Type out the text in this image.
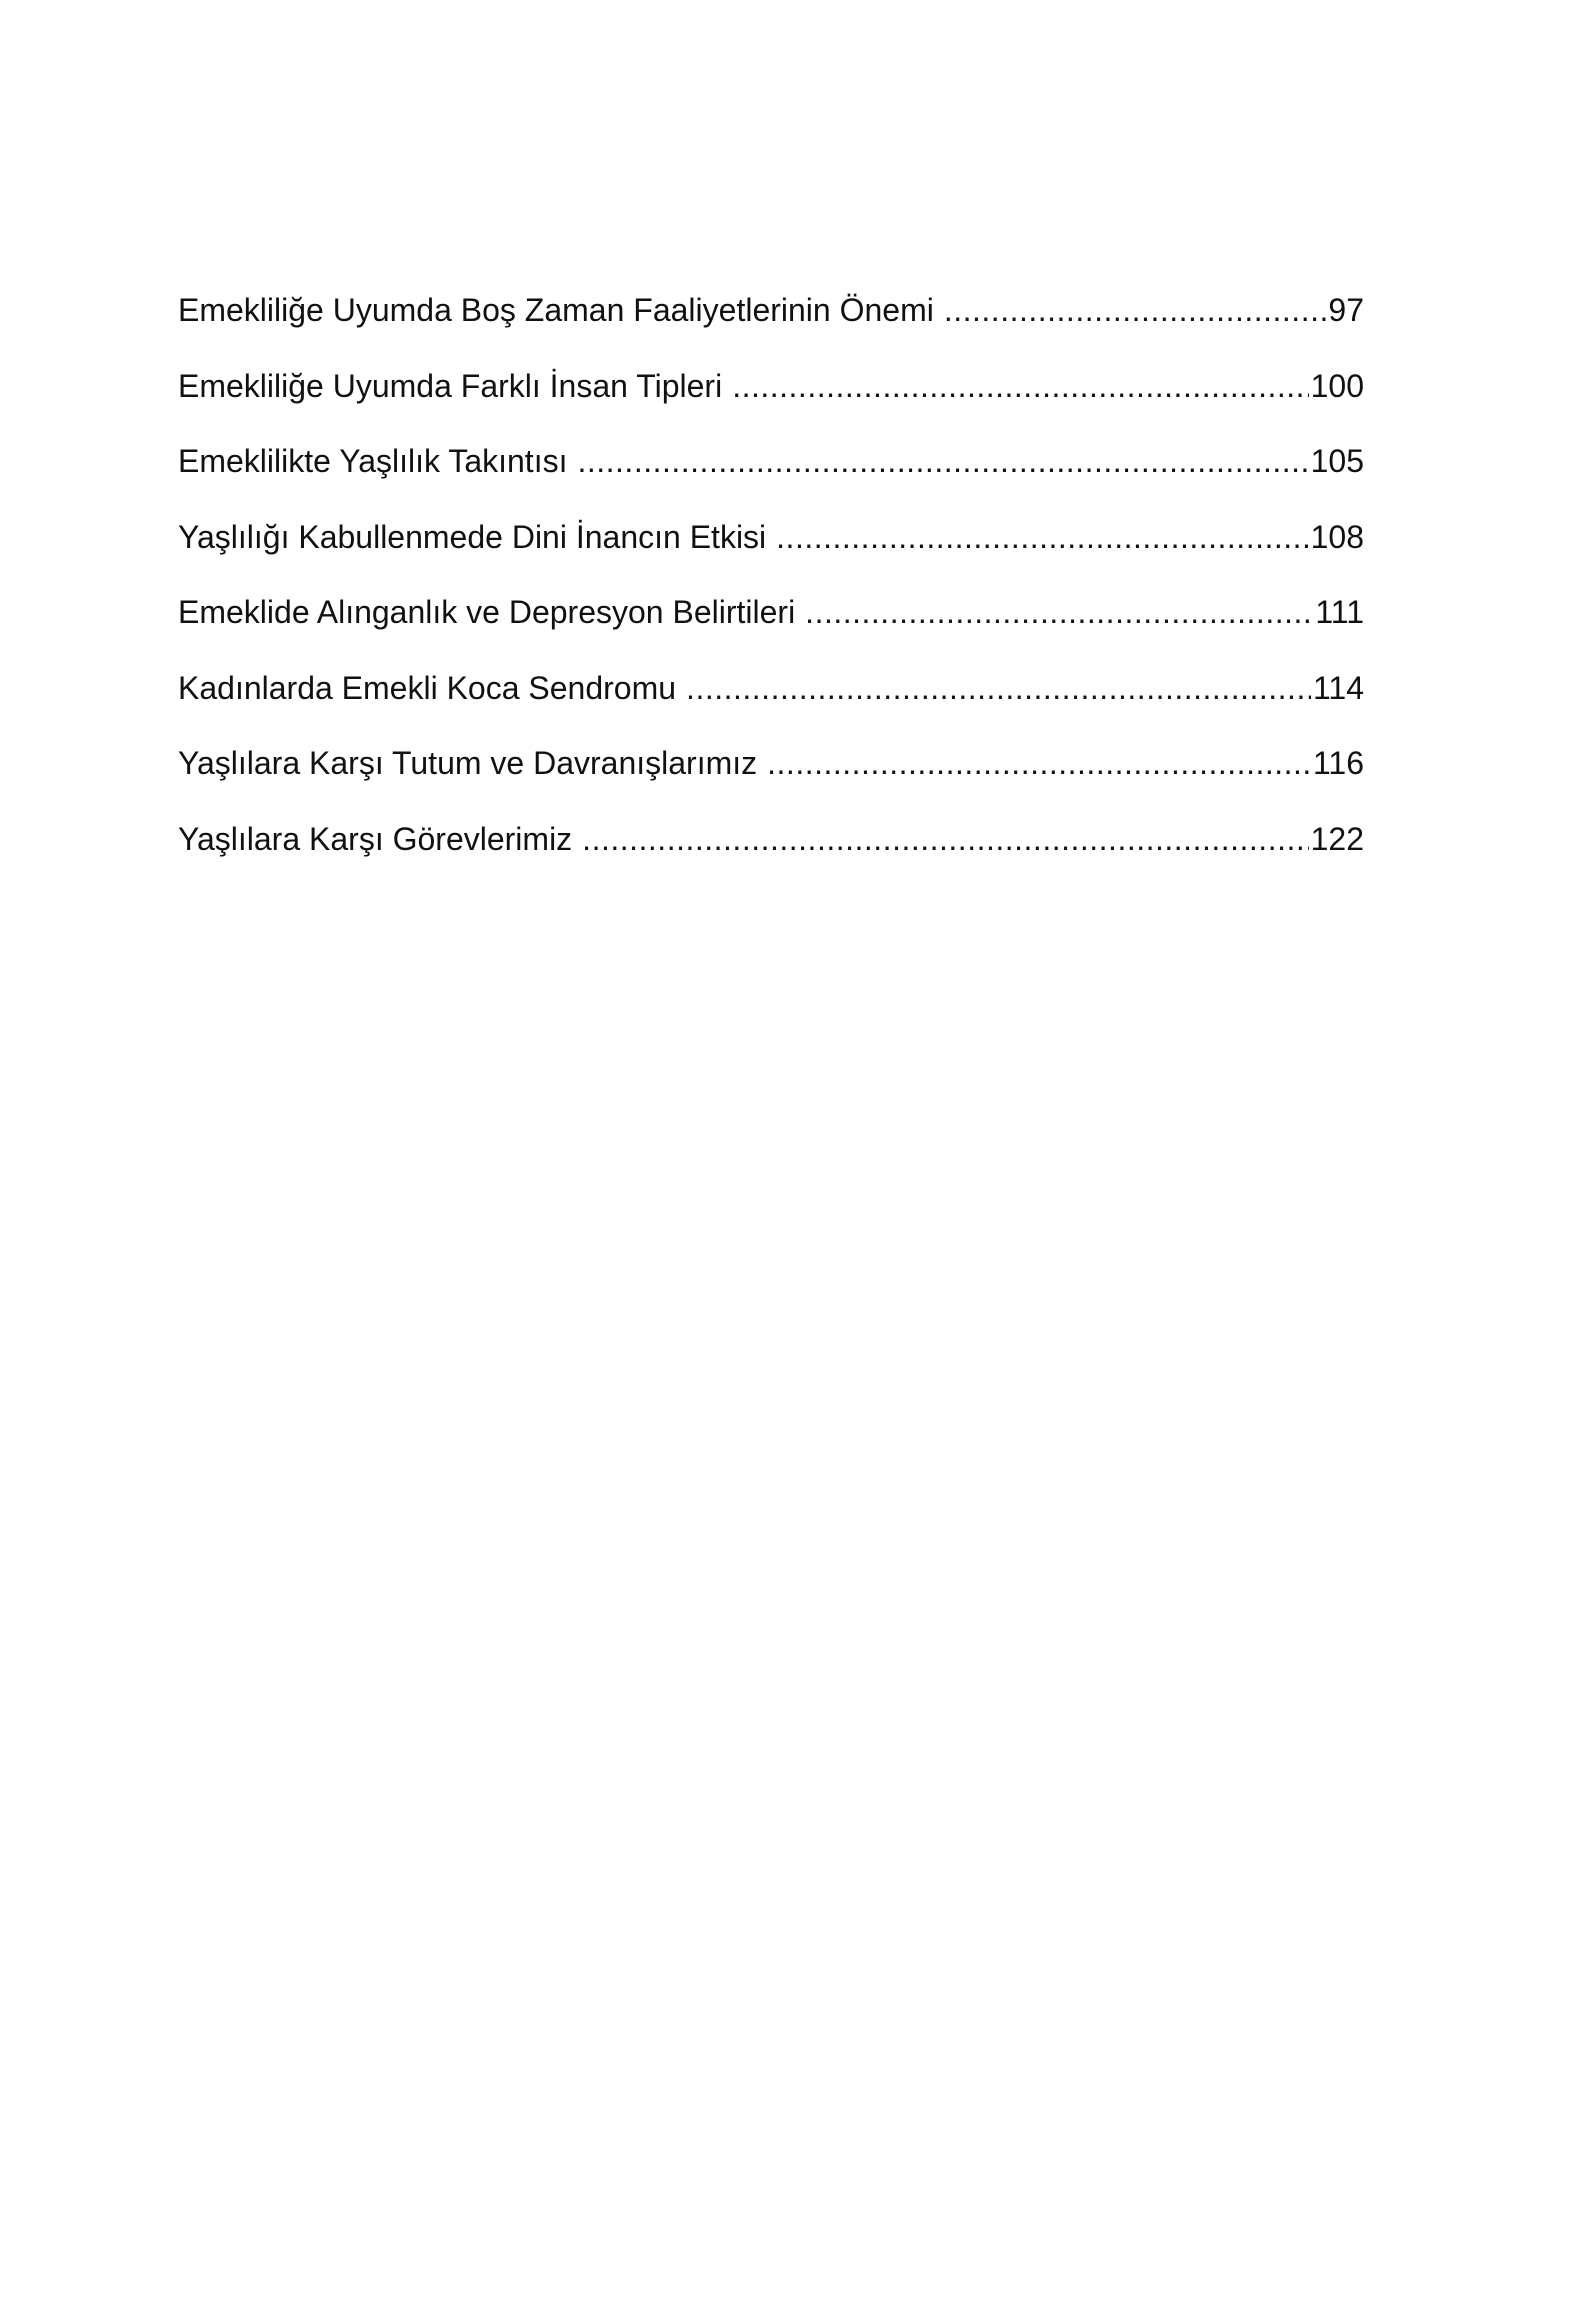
Emekliliğe Uyumda Boş Zaman Faaliyetlerinin Önemi .....	97
Emekliliğe Uyumda Farklı İnsan Tipleri .....	100
Emeklilikte Yaşlılık Takıntısı .....	105
Yaşlılığı Kabullenmede Dini İnancın Etkisi .....	108
Emeklide Alınganlık ve Depresyon Belirtileri .....	111
Kadınlarda Emekli Koca Sendromu .....	114
Yaşlılara Karşı Tutum ve Davranışlarımız .....	116
Yaşlılara Karşı Görevlerimiz .....	122
